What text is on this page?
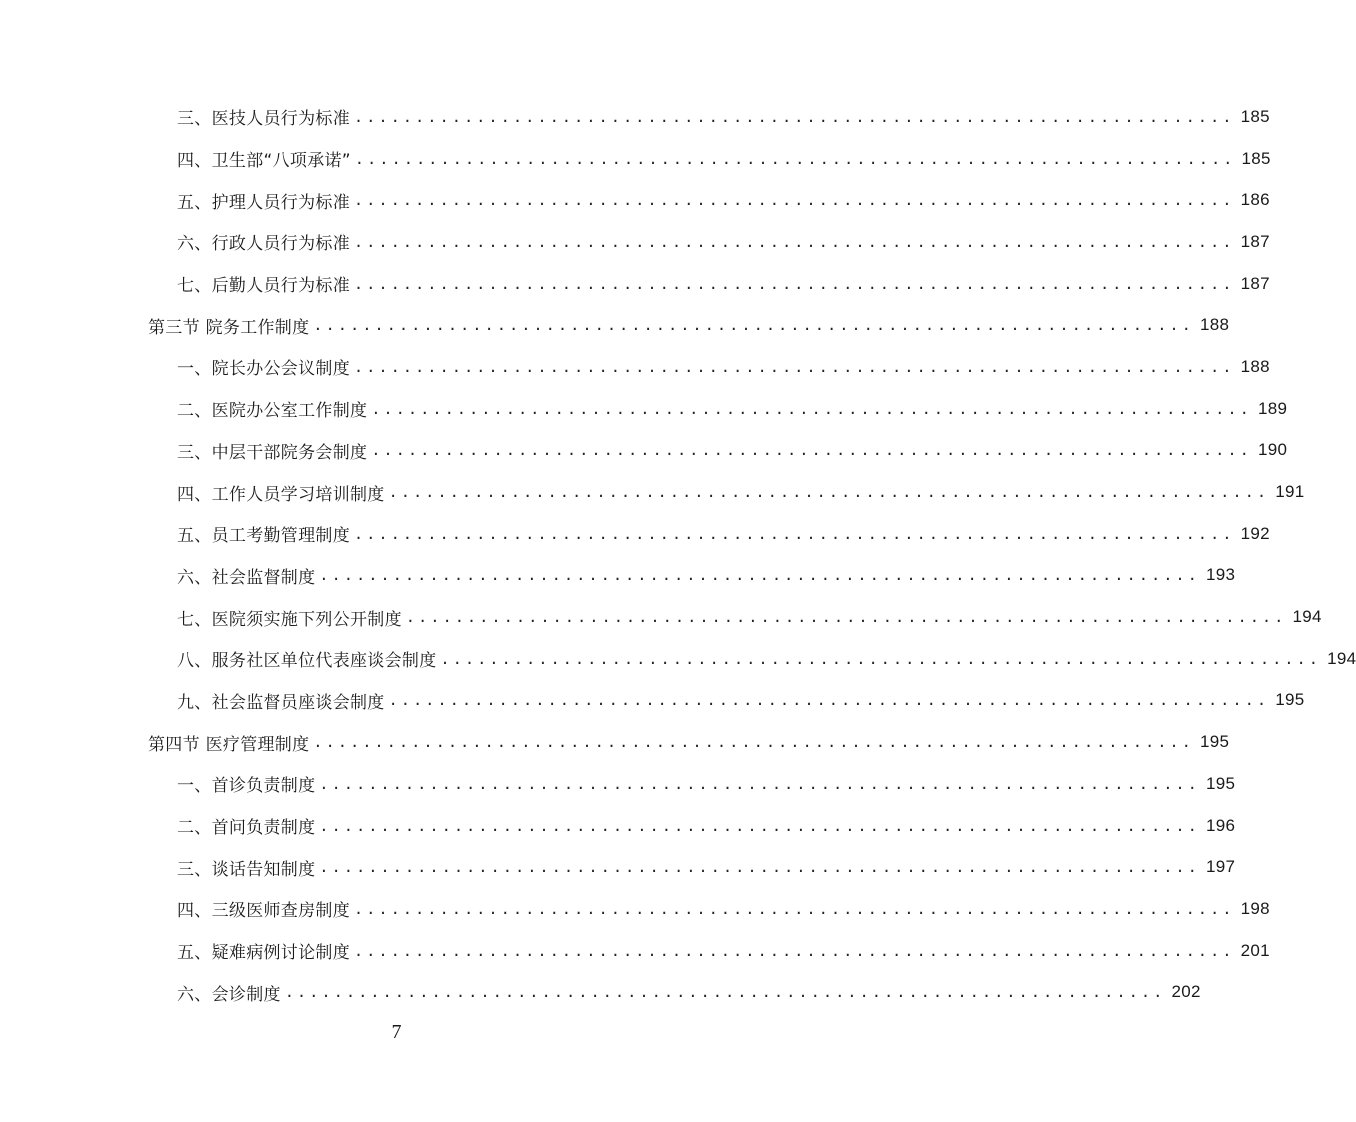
三、医技人员行为标准 ........................................................................ 185
四、卫生部“八项承诺” ........................................................................ 185
五、护理人员行为标准 ........................................................................ 186
六、行政人员行为标准 ........................................................................ 187
七、后勤人员行为标准 ........................................................................ 187
第三节 院务工作制度 ........................................................................ 188
一、院长办公会议制度 ........................................................................ 188
二、医院办公室工作制度 ........................................................................ 189
三、中层干部院务会制度 ........................................................................ 190
四、工作人员学习培训制度 ........................................................................ 191
五、员工考勤管理制度 ........................................................................ 192
六、社会监督制度 ........................................................................ 193
七、医院须实施下列公开制度 ........................................................................ 194
八、服务社区单位代表座谈会制度 ........................................................................ 194
九、社会监督员座谈会制度 ........................................................................ 195
第四节 医疗管理制度 ........................................................................ 195
一、首诊负责制度 ........................................................................ 195
二、首问负责制度 ........................................................................ 196
三、谈话告知制度 ........................................................................ 197
四、三级医师查房制度 ........................................................................ 198
五、疑难病例讨论制度 ........................................................................ 201
六、会诊制度 ........................................................................ 202
7
